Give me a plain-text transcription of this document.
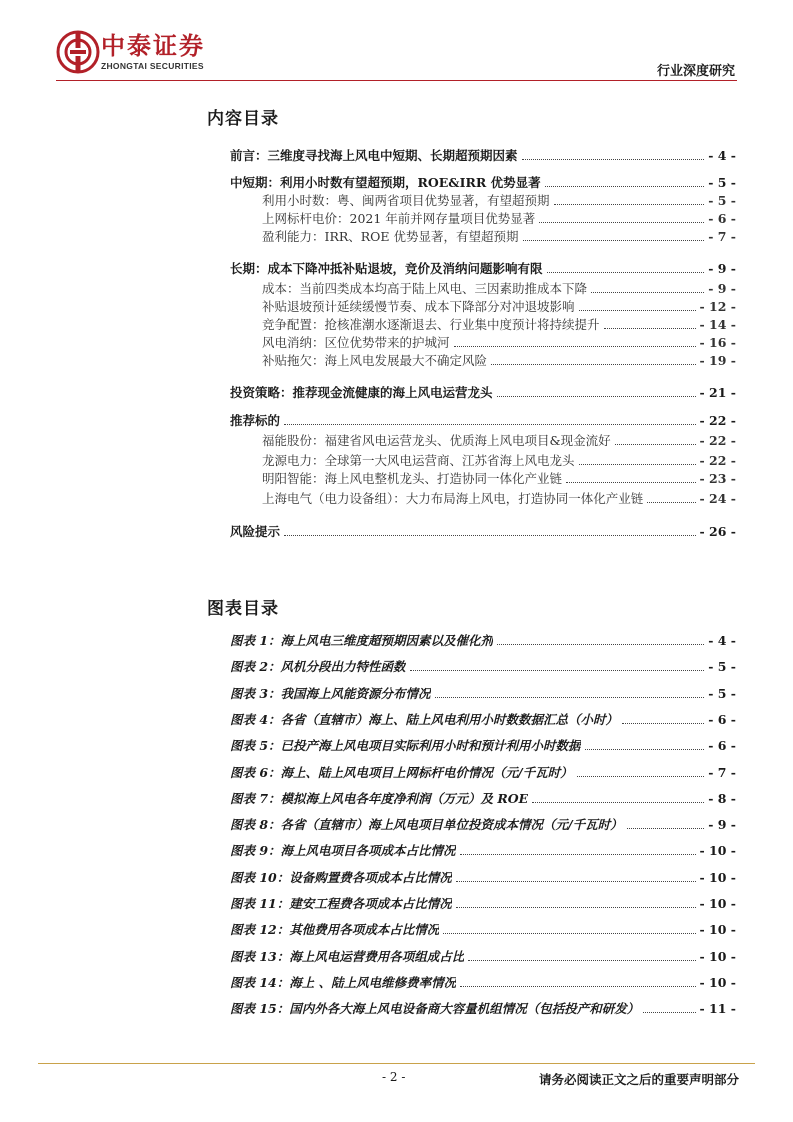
中泰证券
ZHONGTAI SECURITIES	行业深度研究
内容目录
前言：三维度寻找海上风电中短期、长期超预期因素	- 4 -
中短期：利用小时数有望超预期，ROE&IRR 优势显著	- 5 -
利用小时数：粤、闽两省项目优势显著，有望超预期	- 5 -
上网标杆电价：2021 年前并网存量项目优势显著	- 6 -
盈利能力：IRR、ROE 优势显著，有望超预期	- 7 -
长期：成本下降冲抵补贴退坡，竞价及消纳问题影响有限	- 9 -
成本：当前四类成本均高于陆上风电、三因素助推成本下降	- 9 -
补贴退坡预计延续缓慢节奏、成本下降部分对冲退坡影响	- 12 -
竞争配置：抢核准潮水逐渐退去、行业集中度预计将持续提升	- 14 -
风电消纳：区位优势带来的护城河	- 16 -
补贴拖欠：海上风电发展最大不确定风险	- 19 -
投资策略：推荐现金流健康的海上风电运营龙头	- 21 -
推荐标的	- 22 -
福能股份：福建省风电运营龙头、优质海上风电项目&现金流好	- 22 -
龙源电力：全球第一大风电运营商、江苏省海上风电龙头	- 22 -
明阳智能：海上风电整机龙头、打造协同一体化产业链	- 23 -
上海电气（电力设备组）：大力布局海上风电，打造协同一体化产业链	- 24 -
风险提示	- 26 -
图表目录
图表 1：海上风电三维度超预期因素以及催化剂	- 4 -
图表 2：风机分段出力特性函数	- 5 -
图表 3：我国海上风能资源分布情况	- 5 -
图表 4：各省（直辖市）海上、陆上风电利用小时数数据汇总（小时）	- 6 -
图表 5：已投产海上风电项目实际利用小时和预计利用小时数据	- 6 -
图表 6：海上、陆上风电项目上网标杆电价情况（元/千瓦时）	- 7 -
图表 7：模拟海上风电各年度净利润（万元）及 ROE	- 8 -
图表 8：各省（直辖市）海上风电项目单位投资成本情况（元/千瓦时）	- 9 -
图表 9：海上风电项目各项成本占比情况	- 10 -
图表 10：设备购置费各项成本占比情况	- 10 -
图表 11：建安工程费各项成本占比情况	- 10 -
图表 12：其他费用各项成本占比情况	- 10 -
图表 13：海上风电运营费用各项组成占比	- 10 -
图表 14：海上 、陆上风电维修费率情况	- 10 -
图表 15：国内外各大海上风电设备商大容量机组情况（包括投产和研发）	- 11 -
- 2 -	请务必阅读正文之后的重要声明部分
